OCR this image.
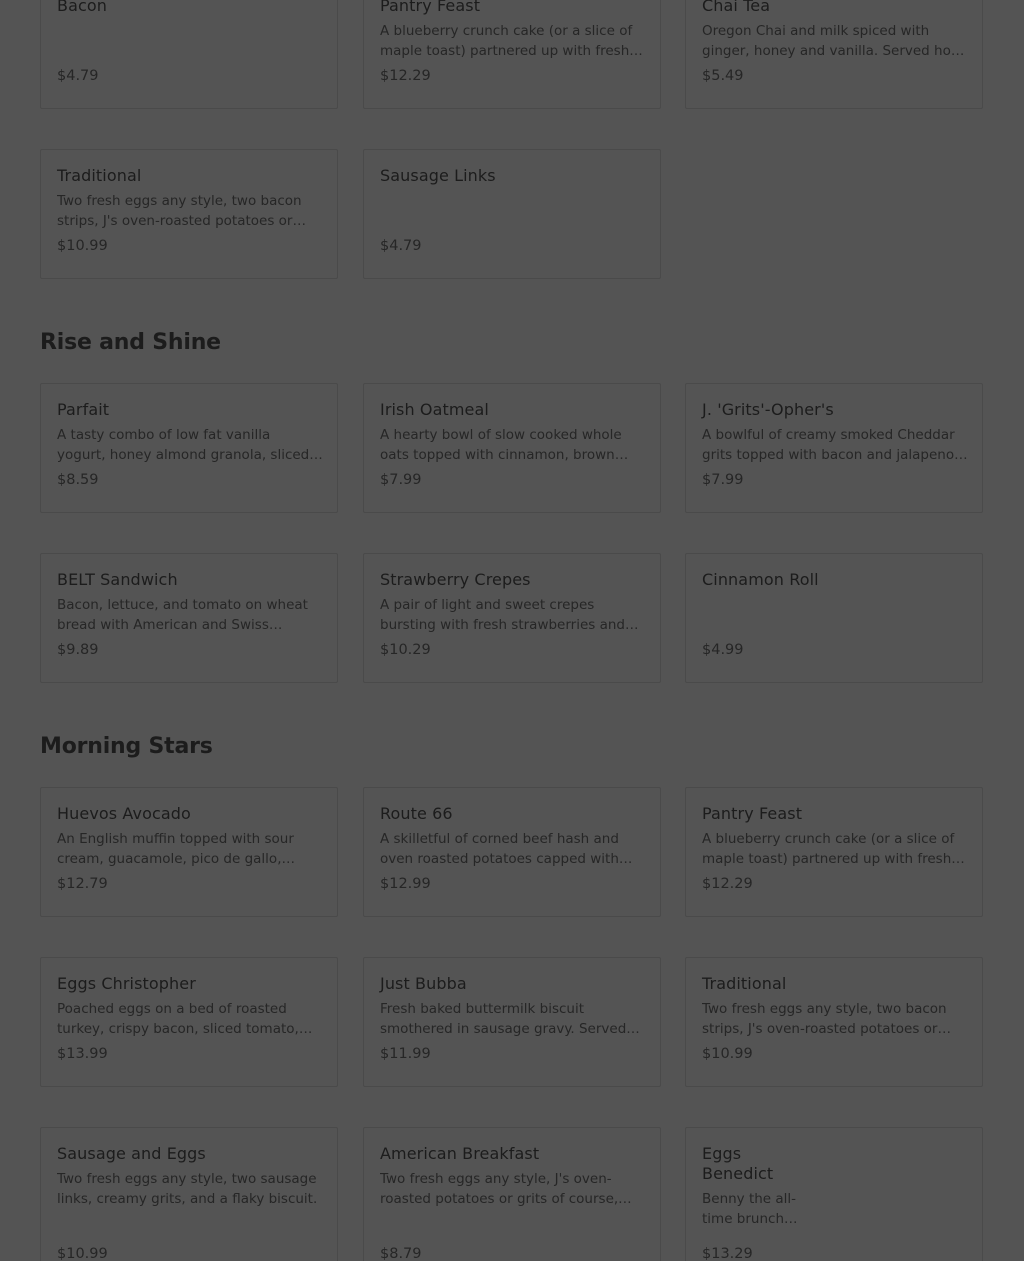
Bacon
$4.79
Pantry Feast
A blueberry crunch cake (or a slice of maple toast) partnered up with fresh
$12.29
Chai Tea
Oregon Chai and milk spiced with ginger, honey and vanilla. Served hot
$5.49
Traditional
Two fresh eggs any style, two bacon strips, J's oven-roasted potatoes or
$10.99
Sausage Links
$4.79
Rise and Shine
Parfait
A tasty combo of low fat vanilla yogurt, honey almond granola, sliced
$8.59
Irish Oatmeal
A hearty bowl of slow cooked whole oats topped with cinnamon, brown
$7.99
J. 'Grits'-Opher's
A bowlful of creamy smoked Cheddar grits topped with bacon and jalapeno
$7.99
BELT Sandwich
Bacon, lettuce, and tomato on wheat bread with American and Swiss
$9.89
Strawberry Crepes
A pair of light and sweet crepes bursting with fresh strawberries and
$10.29
Cinnamon Roll
$4.99
Morning Stars
Huevos Avocado
An English muffin topped with sour cream, guacamole, pico de gallo,
$12.79
Route 66
A skilletful of corned beef hash and oven roasted potatoes capped with
$12.99
Pantry Feast
A blueberry crunch cake (or a slice of maple toast) partnered up with fresh
$12.29
Eggs Christopher
Poached eggs on a bed of roasted turkey, crispy bacon, sliced tomato,
$13.99
Just Bubba
Fresh baked buttermilk biscuit smothered in sausage gravy. Served
$11.99
Traditional
Two fresh eggs any style, two bacon strips, J's oven-roasted potatoes or
$10.99
Sausage and Eggs
Two fresh eggs any style, two sausage links, creamy grits, and a flaky biscuit.
$10.99
American Breakfast
Two fresh eggs any style, J's oven-roasted potatoes or grits of course,
$8.79
Eggs Benedict
Benny the all-time brunch
$13.29
